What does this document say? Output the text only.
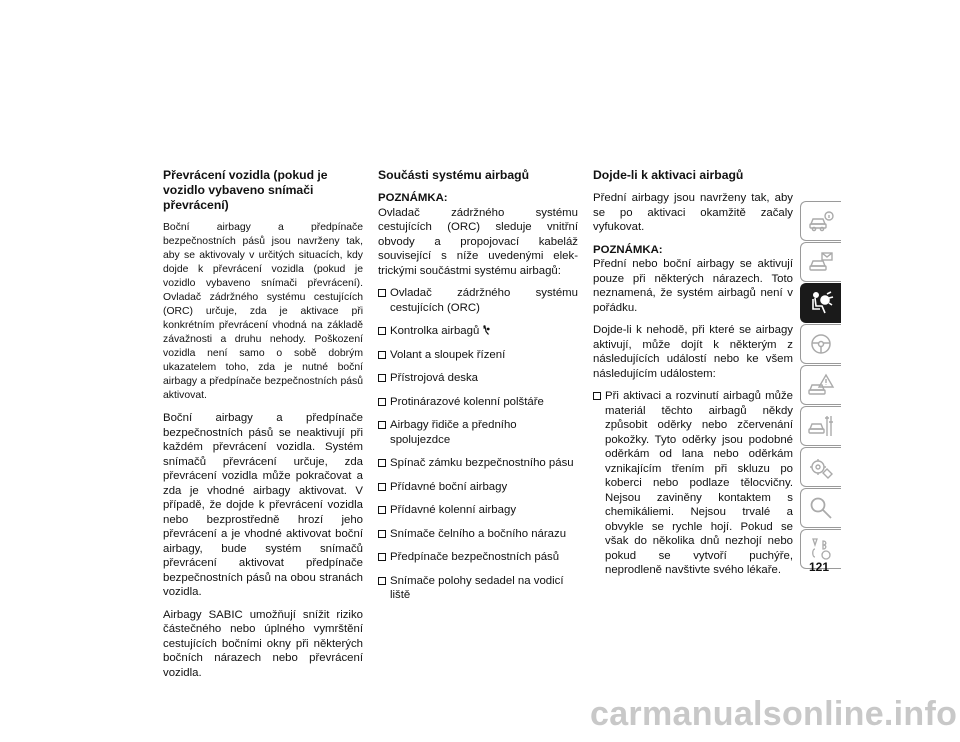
Převrácení vozidla (pokud je vozidlo vybaveno snímači převrácení)

Boční airbagy a předpínače bezpečnostních pásů jsou navrženy tak, aby se aktivovaly v určitých situacích, kdy dojde k převrácení vozidla (pokud je vozidlo vybaveno snímači převrácení). Ovladač zádržného systému cestujících (ORC) určuje, zda je aktivace při konkrétním převrácení vhodná na základě závažnosti a druhu nehody. Poškození vozidla není samo o sobě dobrým ukazatelem toho, zda je nutné boční airbagy a předpínače bezpečnostních pásů aktivovat.

Boční airbagy a předpínače bezpečnostních pásů se neaktivují při každém převrácení vozidla. Systém snímačů převrácení určuje, zda převrácení vozidla může pokračovat a zda je vhodné airbagy aktivovat. V případě, že dojde k převrácení vozidla nebo bezprostředně hrozí jeho převrácení a je vhodné aktivovat boční airbagy, bude systém snímačů převrácení aktivovat předpínače bezpečnostních pásů na obou stranách vozidla.

Airbagy SABIC umožňují snížit riziko částečného nebo úplného vymrštění cestujících bočními okny při některých bočních nárazech nebo převrácení vozidla.

Součásti systému airbagů
POZNÁMKA:

Ovladač zádržného systému cestujících (ORC) sleduje vnitřní obvody a propojovací kabeláž související s níže uvedenými elektrickými součástmi systému airbagů:

Ovladač zádržného systému cestujících (ORC)
Kontrolka airbagů
Volant a sloupek řízení
Přístrojová deska
Protinárazové kolenní polštáře
Airbagy řidiče a předního spolujezdce
Spínač zámku bezpečnostního pásu
Přídavné boční airbagy
Přídavné kolenní airbagy
Snímače čelního a bočního nárazu
Předpínače bezpečnostních pásů
Snímače polohy sedadel na vodicí liště
Dojde-li k aktivaci airbagů

Přední airbagy jsou navrženy tak, aby se po aktivaci okamžitě začaly vyfukovat.

POZNÁMKA:

Přední nebo boční airbagy se aktivují pouze při některých nárazech. Toto neznamená, že systém airbagů není v pořádku.

Dojde-li k nehodě, při které se airbagy aktivují, může dojít k některým z následujících událostí nebo ke všem následujícím událostem:

Při aktivaci a rozvinutí airbagů může materiál těchto airbagů někdy způsobit oděrky nebo zčervenání pokožky. Tyto oděrky jsou podobné oděrkám od lana nebo oděrkám vznikajícím třením při skluzu po koberci nebo podlaze tělocvičny. Nejsou zaviněny kontaktem s chemikáliemi. Nejsou trvalé a obvykle se rychle hojí. Pokud se však do několika dnů nezhojí nebo pokud se vytvoří puchýře, neprodleně navštivte svého lékaře.	121
carmanualsonline.info
